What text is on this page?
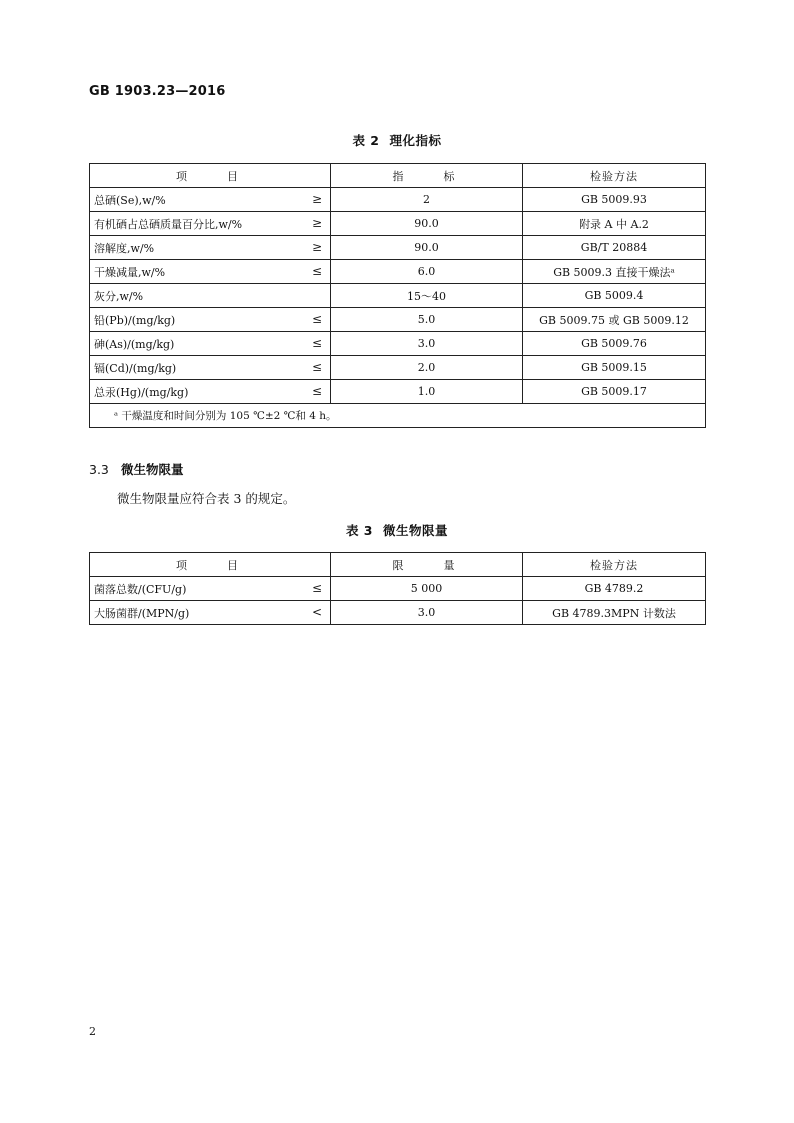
GB 1903.23—2016
表 2 理化指标
项　　目	指　　标	检验方法
总硒(Se),w/% ≥	2	GB 5009.93
有机硒占总硒质量百分比,w/% ≥	90.0	附录 A 中 A.2
溶解度,w/% ≥	90.0	GB/T 20884
干燥减量,w/% ≤	6.0	GB 5009.3 直接干燥法ᵃ
灰分,w/%	15～40	GB 5009.4
铅(Pb)/(mg/kg) ≤	5.0	GB 5009.75 或 GB 5009.12
砷(As)/(mg/kg) ≤	3.0	GB 5009.76
镉(Cd)/(mg/kg) ≤	2.0	GB 5009.15
总汞(Hg)/(mg/kg) ≤	1.0	GB 5009.17
ᵃ 干燥温度和时间分别为 105 ℃±2 ℃和 4 h。		
3.3 微生物限量
微生物限量应符合表 3 的规定。
表 3 微生物限量
项　　目	限　　量	检验方法
菌落总数/(CFU/g) ≤	5 000	GB 4789.2
大肠菌群/(MPN/g) <	3.0	GB 4789.3MPN 计数法
2
